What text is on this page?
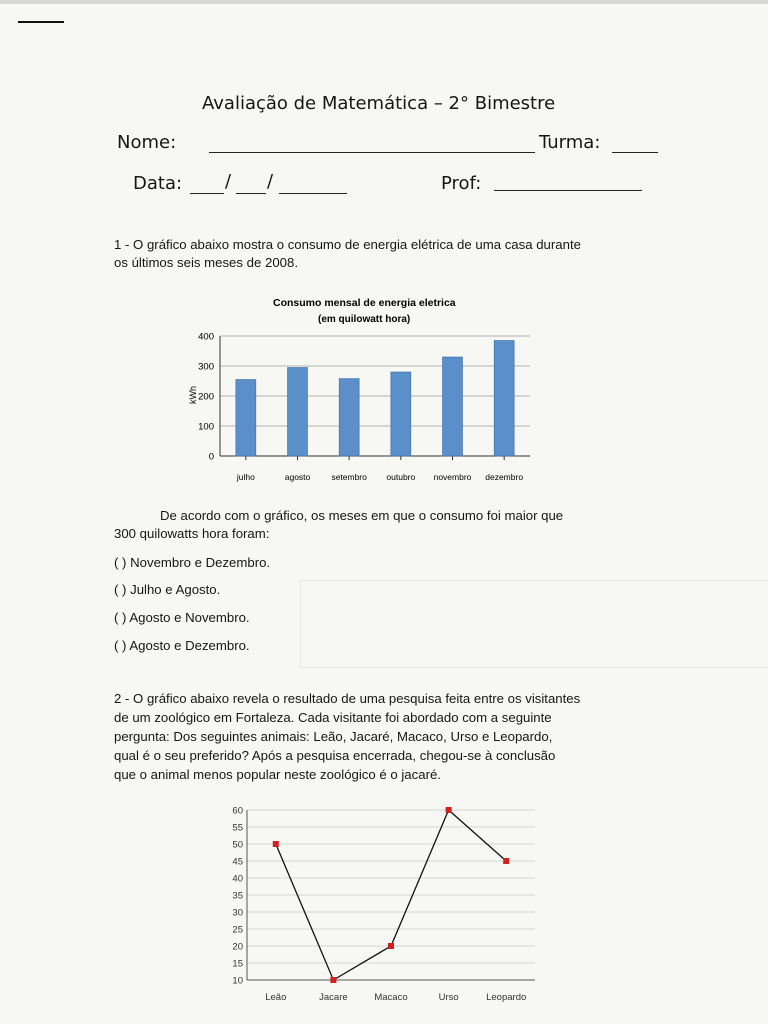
Avaliação de Matemática – 2° Bimestre
Nome:	Turma:
Data: / /	Prof:
1 - O gráfico abaixo mostra o consumo de energia elétrica de uma casa durante
os últimos seis meses de 2008.
Consumo mensal de energia eletrica
(em quilowatt hora)
0
100
200
300
400
julho	agosto setembro outubro novembro dezembro
kWh
De acordo com o gráfico, os meses em que o consumo foi maior que
300 quilowatts hora foram:
( ) Novembro e Dezembro.
( ) Julho e Agosto.
( ) Agosto e Novembro.
( ) Agosto e Dezembro.
2 - O gráfico abaixo revela o resultado de uma pesquisa feita entre os visitantes
de um zoológico em Fortaleza. Cada visitante foi abordado com a seguinte
pergunta: Dos seguintes animais: Leão, Jacaré, Macaco, Urso e Leopardo,
qual é o seu preferido? Após a pesquisa encerrada, chegou-se à conclusão
que o animal menos popular neste zoológico é o jacaré.
10
15
20
25
30
35
40
45
50
55
60
Leão	Jacare	Macaco	Urso	Leopardo
